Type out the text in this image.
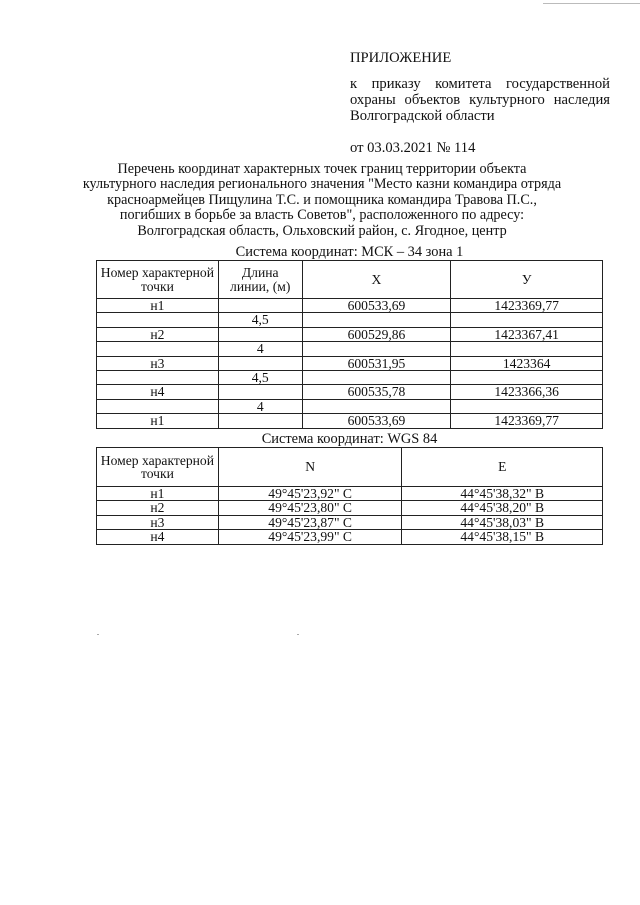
ПРИЛОЖЕНИЕ

к приказу комитета государственной охраны объектов культурного наследия Волгоградской области

от 03.03.2021 № 114

Перечень координат характерных точек границ территории объекта
культурного наследия регионального значения "Место казни командира отряда
красноармейцев Пищулина Т.С. и помощника командира Травова П.С.,
погибших в борьбе за власть Советов", расположенного по адресу:
Волгоградская область, Ольховский район, с. Ягодное, центр
Система координат: МСК – 34 зона 1
Номер характерной точки	Длина линии, (м)	X	У
н1		600533,69	1423369,77
	4,5		
н2		600529,86	1423367,41
	4		
н3		600531,95	1423364
	4,5		
н4		600535,78	1423366,36
	4		
н1		600533,69	1423369,77
Система координат: WGS 84
Номер характерной точки	N	E
н1	49°45'23,92" С	44°45'38,32" В
н2	49°45'23,80" С	44°45'38,20" В
н3	49°45'23,87" С	44°45'38,03" В
н4	49°45'23,99" С	44°45'38,15" В
